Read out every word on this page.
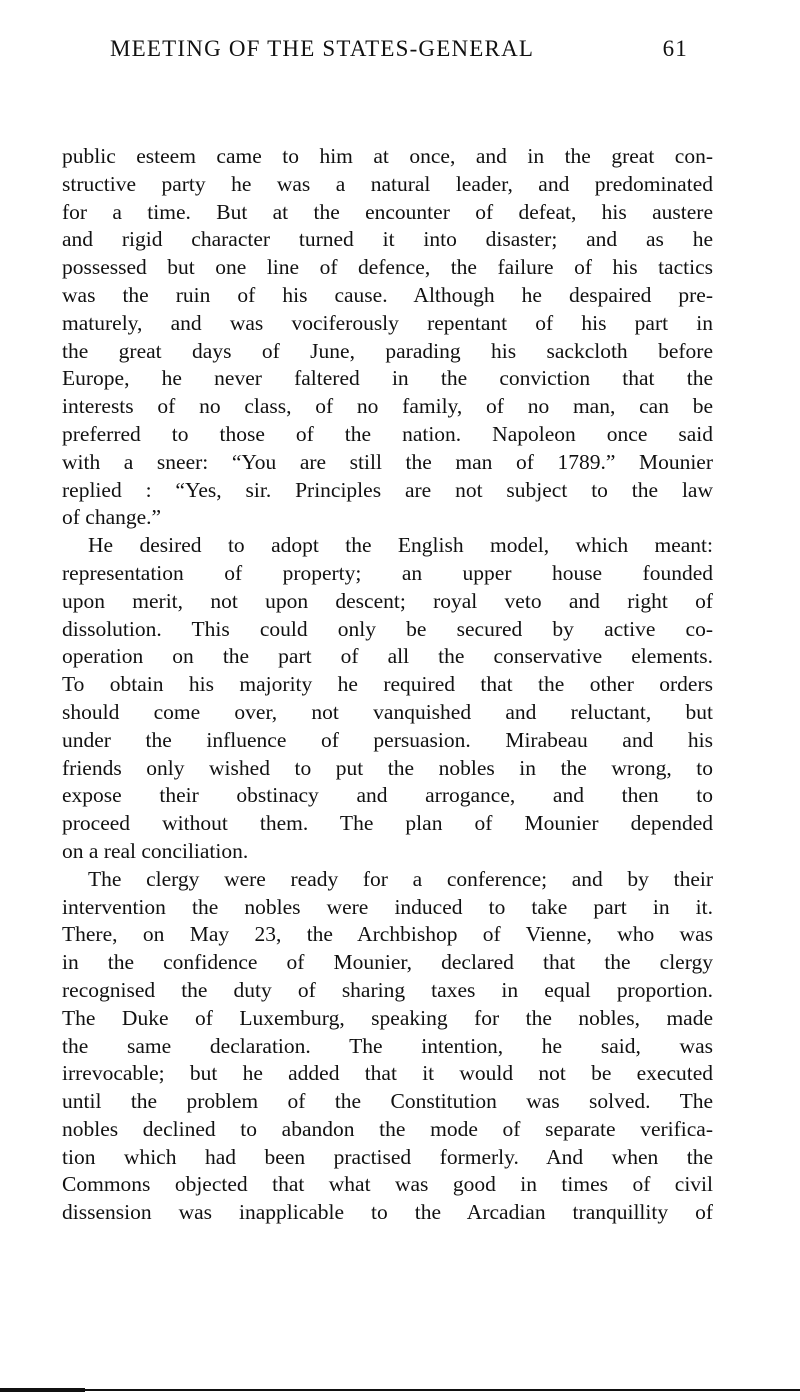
MEETING OF THE STATES-GENERAL	61
public esteem came to him at once, and in the great con-
structive party he was a natural leader, and predominated
for a time. But at the encounter of defeat, his austere
and rigid character turned it into disaster; and as he
possessed but one line of defence, the failure of his tactics
was the ruin of his cause. Although he despaired pre-
maturely, and was vociferously repentant of his part in
the great days of June, parading his sackcloth before
Europe, he never faltered in the conviction that the
interests of no class, of no family, of no man, can be
preferred to those of the nation. Napoleon once said
with a sneer: “You are still the man of 1789.” Mounier
replied : “Yes, sir. Principles are not subject to the law
of change.”
He desired to adopt the English model, which meant:
representation of property; an upper house founded
upon merit, not upon descent; royal veto and right of
dissolution. This could only be secured by active co-
operation on the part of all the conservative elements.
To obtain his majority he required that the other orders
should come over, not vanquished and reluctant, but
under the influence of persuasion. Mirabeau and his
friends only wished to put the nobles in the wrong, to
expose their obstinacy and arrogance, and then to
proceed without them. The plan of Mounier depended
on a real conciliation.
The clergy were ready for a conference; and by their
intervention the nobles were induced to take part in it.
There, on May 23, the Archbishop of Vienne, who was
in the confidence of Mounier, declared that the clergy
recognised the duty of sharing taxes in equal proportion.
The Duke of Luxemburg, speaking for the nobles, made
the same declaration. The intention, he said, was
irrevocable; but he added that it would not be executed
until the problem of the Constitution was solved. The
nobles declined to abandon the mode of separate verifica-
tion which had been practised formerly. And when the
Commons objected that what was good in times of civil
dissension was inapplicable to the Arcadian tranquillity of
